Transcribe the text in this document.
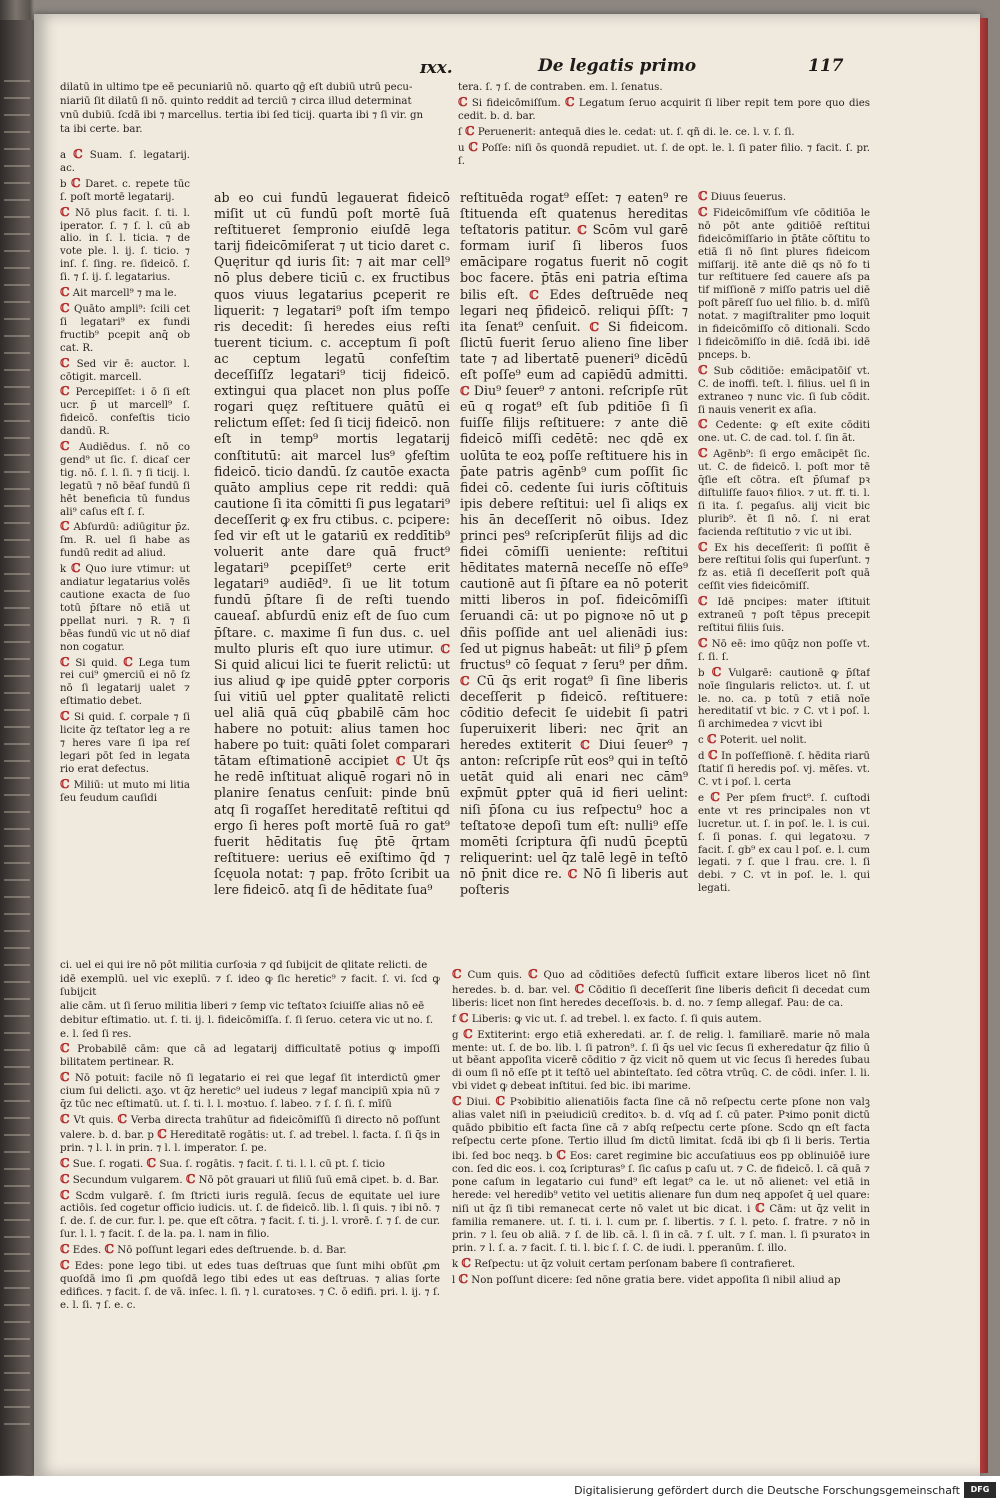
ɪxx.	De legatis primo	117

dilatū in ultimo tpe eē pecuniariū nō. quarto qḡ eſt dubiū utrū pecu-

niariū ſit dilatū ſi nō. quinto reddit ad terciū ⁊ circa illud determinat

vnū dubiū. ſcdā ibi ⁊ marcellus. tertia ibi ſed ticij. quarta ibi ⁊ ſi vir. gn

ta ibi certe. bar.

a ℂ Suam. ſ. legatarij. ac.

b ℂ Daret. c. repete tūc ſ. poſt mortē legatarij.

ℂ Nō plus facit. ſ. ti. l. iperator. ſ. ⁊ ſ. l. cū ab alio. in ſ. l. ticia. ⁊ de vote ple. l. ij. ſ. ticio. ⁊ inſ. ſ. ſing. re. ſideicō. ſ. ſi. ⁊ ſ. ij. ſ. legatarius.

ℂ Ait marcell⁹ ⁊ ma le.

ℂ Quāto ampli⁹: ſcili cet ſi legatari⁹ ex fundi fructib⁹ pcepit anq̄ ob cat. R.

ℂ Sed vir ē: auctor. l. cōtigit. marcell.

ℂ Percepiſſet: i ō ſi eſt ucr. p̄ ut marcell⁹ ſ. fideicō. confeſtis ticio dandū. R.

ℂ Audiēdus. ſ. nō co gend⁹ ut ſic. ſ. dicaſ cer tig. nō. ſ. l. ſi. ⁊ ſi ticij. l. legatū ⁊ nō bēaſ fundū ſi hēt beneficia tū fundus ali⁹ caſus eſt ſ. ſ.

ℂ Abſurdū: adiūgitur p̄z. ſm. R. uel ſi habe as fundū redit ad aliud.

k ℂ Quo iure vtimur: ut andiatur legatarius volēs cautione exacta de ſuo totū p̄ſtare nō etiā ut ꝑpellat nuri. ⁊ R. ⁊ ſi bēas fundū vic ut nō diaf non cogatur.

ℂ Si quid. ℂ Lega tum rei cui⁹ ꝯmerciū ei nō ſz nō ſi legatarij ualet ⁊ eſtimatio debet.

ℂ Si quid. ſ. corpale ⁊ ſi licite q̄z teſtator leg a re ⁊ heres vare ſi ipa reſ legari pōt ſed in legata rio erat defectus.

ℂ Miliū: ut muto mi litia ſeu feudum cauſidi

ab eo cui fundū legauerat fideicō miſit ut cū fundū poſt mortē ſuā reſtitueret ſempronio eiuſdē lega tarij fideicōmiſerat ⁊ ut ticio daret c. Quęritur qd iuris ſit: ⁊ ait mar cell⁹ nō plus debere ticiū c. ex fructibus quos viuus legatarius ꝑceperit re liquerit: ⁊ legatari⁹ poſt iſm tempo ris decedit: ſi heredes eius reſti tuerent ticium. c. acceptum ſi poſt ac ceptum legatū confeſtim deceſſiſſz legatari⁹ ticij fideicō. extingui qua placet non plus poſſe rogari quęz reſtituere quātū ei relictum eſſet: ſed ſi ticij fideicō. non eſt in temp⁹ mortis legatarij conſtitutū: ait marcel lus⁹ ꝯfeſtim fideicō. ticio dandū. ſz cautōe exacta quāto amplius cepe rit reddi: quā cautione ſi ita cōmitti ſi ꝑus legatari⁹ deceſſerit ꝙ ex fru ctibus. c. pcipere: ſed vir eſt ut le gatariū ex reddītib⁹ voluerit ante dare quā fruct⁹ legatari⁹ ꝑcepiſſet⁹ certe erit legatari⁹ audiēd⁹. ſi ue lit totum fundū p̄ſtare ſi de reſti tuendo caueaſ. abſurdū eniz eſt de ſuo cum p̄ſtare. c. maxime ſi fun dus. c. uel multo pluris eſt quo iure utimur. ℂ Si quid alicui lici te fuerit relictū: ut ius aliud ꝙ ipe quidē ꝑpter corporis ſui vitiū uel ꝑpter qualitatē relicti uel aliā quā cūq ꝑbabilē cām hoc habere no potuit: alius tamen hoc habere po tuit: quāti ſolet comparari tātam eſtimationē accipiet ℂ Ut q̄s he redē inſtituat aliquē rogari nō in planire ſenatus cenſuit: pinde bnū atq ſi rogaſſet hereditatē reſtitui qd ergo ſi heres poſt mortē ſuā ro gat⁹ fuerit hēditatis ſuę p̄tē q̄rtam reſtituere: uerius eē exiſtimo q̄d ⁊ ſcęuola notat: ⁊ pap. frōto ſcribit ua lere fideicō. atq ſi de hēditate ſua⁹

tera. ſ. ⁊ ſ. de contraben. em. l. ſenatus.

ℂ Si fideicōmiſſum. ℂ Legatum ſeruo acquirit ſi liber repit tem pore quo dies cedit. b. d. bar.

ſ ℂ Peruenerit: antequā dies le. cedat: ut. ſ. qñ di. le. ce. l. v. ſ. ſi.

u ℂ Poſſe: niſi ōs quondā repudiet. ut. ſ. de opt. le. l. ſi pater filio. ⁊ facit. ſ. pr. ſ.

reſtituēda rogat⁹ eſſet: ⁊ eaten⁹ re ſtituenda eſt quatenus hereditas teſtatoris patitur. ℂ Scōm vul garē formam iuriſ ſi liberos ſuos emācipare rogatus fuerit nō cogit boc facere. p̄tās eni patria eſtima bilis eſt. ℂ Edes deſtruēde neq legari neq p̄fideicō. reliqui p̄ſſt: ⁊ ita ſenat⁹ cenſuit. ℂ Si fideicom. ſlictū fuerit ſeruo alieno ſine liber tate ⁊ ad libertatē pueneri⁹ dicēdū eſt poſſe⁹ eum ad capiēdū admitti. ℂ Diu⁹ ſeuer⁹ ⁊ antoni. reſcripſe rūt eū q rogat⁹ eſt ſub pditiōe ſi ſi fuiſſe filijs reſtituere: ⁊ ante diē fideicō miſſi cedētē: nec qdē ex uolūta te eoꝝ poſſe reſtituere his in p̄ate patris agēnb⁹ cum poſſit ſic fidei cō. cedente ſui iuris cōſtituis ipis debere reſtitui: uel ſi aliqs ex his ān deceſſerit nō oibus. Idez princi pes⁹ reſcripſerūt filijs ad dic fidei cōmiſſi ueniente: reſtitui hēditates maternā neceſſe nō eſſe⁹ cautionē aut ſi p̄ſtare ea nō poterit mitti liberos in poſ. fideicōmiſſi ſeruandi cā: ut po pignoꝛe nō ut ꝑ dñis poſſide ant uel alienādi ius: ſed ut pignus habeāt: ut fili⁹ p̄ ꝑſem fructus⁹ cō ſequat ⁊ ſeru⁹ per dñm. ℂ Cū q̄s erit rogat⁹ ſi ſine liberis deceſſerit p fideicō. reſtituere: cōditio defecit ſe uidebit ſi patri ſuperuixerit liberi: nec q̄rit an heredes extiterit ℂ Diui ſeuer⁹ ⁊ anton: reſcripſe rūt eos⁹ qui in teſtō uetāt quid ali enari nec cām⁹ exp̄mūt ꝑpter quā id fieri uelint: niſi p̄ſona cu ius reſpectu⁹ hoc a teſtatoꝛe depoſi tum eſt: nulli⁹ eſſe momēti ſcriptura q̄ſi nudū p̄ceptū reliquerint: uel q̄z talē legē in teſtō nō p̄nit dice re. ℂ Nō ſi liberis aut poſteris

ℂ Diuus ſeuerus.

ℂ Fideicōmiſſum vſe cōditiōa le nō pōt ante ꝯditiōē reſtitui fideicōmiſſario in p̄tāte cōſtitu to etiā ſi nō ſint plures fideicom miſſarij. itē ante diē qs nō fo ti tur reſtituere ſed cauere aſs pa tif miſſionē ⁊ miſſo patris uel diē poſt pāreſſ ſuo uel filio. b. d. mīſū notat. ⁊ magiſtraliter pmo loquit in fideicōmiſſo cō ditionali. Scdo l fideicōmiſſo in diē. ſcdā ibi. idē pnceps. b.

ℂ Sub cōditiōe: emācipatōiſ vt. C. de inoffi. teſt. l. filius. uel ſi in extraneo ⁊ nunc vic. ſi ſub cōdit. ſi nauis venerit ex aſia.

ℂ Cedente: ꝙ eſt exite cōditi one. ut. C. de cad. tol. ſ. ſin ãt.

ℂ Agēnb⁹: ſi ergo emācipēt ſic. ut. C. de fideicō. l. poſt mor tē q̄ſie eſt cōtra. eſt p̄ſumaf pꝛ diſtuliſſe fauoꝛ filioꝛ. ⁊ ut. ff. ti. l. ſi ita. ſ. pegaſus. alij vicit bic plurib⁹. ēt ſi nō. ſ. ni erat facienda reſtitutio ⁊ vic ut ibi.

ℂ Ex his deceſſerit: ſi poſſit ē bere reſtitui ſolis qui ſuperſunt. ⁊ fz as. etiā ſi deceſſerit poſt quā ceſſit vies fideicōmiſſ.

ℂ Idē pncipes: mater iſtituit extraneū ⁊ poſt tēpus precepit reſtitui filiis ſuis.

ℂ Nō eē: imo qūq̄z non poſſe vt. ſ. ſi. ſ.

b ℂ Vulgarē: cautionē ꝙ p̄ſtaf noīe ſingularis relictoꝛ. ut. ſ. ut le. no. ca. p totū ⁊ etiā noīe hereditatiſ vt bic. ⁊ C. vt i poſ. l. ſi archimedea ⁊ vicvt ibi

c ℂ Poterit. uel nolit.

d ℂ In poſſeſſionē. ſ. hēdita riarū ſtatiſ ſi heredis poſ. vj. mēſes. vt. C. vt i poſ. l. certa

e ℂ Per pſem fruct⁹. ſ. cuſtodi ente vt res principales non vt lucretur. ut. ſ. in poſ. le. l. is cui. ſ. ſi ponas. ſ. qui legatoꝛu. ⁊ facit. ſ. gb⁹ ex cau l poſ. e. l. cum legati. ⁊ ſ. que l frau. cre. l. ſi debi. ⁊ C. vt in poſ. le. l. qui legati.

ci. uel ei qui ire nō pōt militia curſoꝛia ⁊ qd ſubijcit de qlitate relicti. de

idē exemplū. uel vic exeplū. ⁊ ſ. ideo ꝙ ſic heretic⁹ ⁊ facit. ſ. vi. ſcd ꝙ ſubijcit

alie cām. ut ſi ſeruo militia liberi ⁊ ſemp vic teſtatoꝛ ſciuiſſe alias nō eē

debitur eſtimatio. ut. ſ. ti. ij. l. fideicōmiſſa. ſ. ſi ſeruo. cetera vic ut no. ſ.

e. l. ſed ſi res.

ℂ Probabilē cām: que cā ad legatarij difficultatē potius ꝙ impoſſi bilitatem pertinear. R.

ℂ Nō potuit: facile nō ſi legatario ei rei que legaf ſit interdictū ꝯmer cium ſui delicti. aʒo. vt q̄z heretic⁹ uel iudeus ⁊ legaf mancipiū xpia nū ⁊ q̄z tūc nec eſtimatū. ut. ſ. ti. l. l. moꝛtuo. ſ. labeo. ⁊ ſ. ſ. ſi. ſ. mīſū

ℂ Vt quis. ℂ Verba directa trahūtur ad fideicōmiſſū ſi directo nō poſſunt valere. b. d. bar. p ℂ Hereditatē rogātis: ut. ſ. ad trebel. l. facta. ſ. ſi q̄s in prin. ⁊ l. l. in prin. ⁊ l. l. imperator. ſ. pe.

ℂ Sue. ſ. rogati. ℂ Sua. ſ. rogātis. ⁊ facit. ſ. ti. l. l. cū pt. ſ. ticio

ℂ Secundum vulgarem. ℂ Nō pōt grauari ut filiū ſuū emā cipet. b. d. Bar.

ℂ Scdm vulgarē. ſ. ſm ſtricti iuris regulā. ſecus de equitate uel iure actiōis. ſed cogetur officio iudicis. ut. ſ. de fideicō. lib. l. ſi quis. ⁊ ibi nō. ⁊ ſ. de. ſ. de cur. fur. l. pe. que eſt cōtra. ⁊ facit. ſ. ti. j. l. vrorē. ſ. ⁊ ſ. de cur. ſur. l. l. ⁊ facit. ſ. de la. pa. l. nam in filio.

ℂ Edes. ℂ Nō poſſunt legari edes deſtruende. b. d. Bar.

ℂ Edes: pone lego tibi. ut edes tuas deſtruas que ſunt mihi obſūt ꝓm quoſdā imo ſi ꝓm quoſdā lego tibi edes ut eas deſtruas. ⁊ alias ſorte edifices. ⁊ facit. ſ. de vā. inſec. l. ſi. ⁊ l. curatoꝛes. ⁊ C. ō edifi. pri. l. ij. ⁊ ſ. e. l. ſi. ⁊ ſ. e. c.

ℂ Cum quis. ℂ Quo ad cōditiōes defectū ſufficit extare liberos licet nō ſint heredes. b. d. bar. vel. ℂ Cōditio ſi deceſſerit ſine liberis deficit ſi decedat cum liberis: licet non ſint heredes deceſſoꝛis. b. d. no. ⁊ ſemp allegaf. Pau: de ca.

f ℂ Liberis: ꝙ vic ut. ſ. ad trebel. l. ex facto. ſ. ſi quis autem.

g ℂ Extiterint: ergo etiā exheredati. ar. ſ. de relig. l. familiarē. marie nō mala mente: ut. ſ. de bo. lib. l. ſi patron⁹. ſ. ſi q̄s uel vic ſecus ſi exheredatur q̄z filio ū ut bēant appoſita vicerē cōditio ⁊ q̄z vicit nō quem ut vic ſecus ſi heredes ſubau di oum ſi nō eſſe pt it teſtō uel abinteſtato. ſed cōtra vtrūq. C. de cōdi. inſer. l. li. vbi videt ꝙ debeat inſtitui. ſed bic. ibi marime.

ℂ Diui. ℂ Pꝛobibitio alienatiōis facta ſine cā nō reſpectu certe pſone non valꝫ alias valet niſi in pꝛeiudiciū creditoꝛ. b. d. vſq ad ſ. cū pater. Pꝛimo ponit dictū quādo pbibitio eſt facta ſine cā ⁊ abſq reſpectu certe pſone. Scdo qn eſt facta reſpectu certe pſone. Tertio illud ſm dictū limitat. ſcdā ibi qb ſi li beris. Tertia ibi. ſed boc neqꝫ. b ℂ Eos: caret regimine bic accuſatiuus eos pp oblinuiōē iure con. ſed dic eos. i. coꝝ ſcripturas⁹ ſ. ſic caſus p caſu ut. ⁊ C. de fideicō. l. cā quā ⁊ pone caſum in legatario cui fund⁹ eſt legat⁹ ca le. ut nō alienet: vel etiā in herede: vel heredib⁹ vetito vel uetitis alienare fun dum neq appoſet q̄ uel quare: niſi ut q̄z ſi tibi remanecat certe nō valet ut bic dicat. i ℂ Cām: ut q̄z velit in familia remanere. ut. ſ. ti. i. l. cum pr. ſ. libertis. ⁊ ſ. l. peto. ſ. fratre. ⁊ nō in prin. ⁊ l. ſeu ob aliā. ⁊ ſ. de lib. cā. l. ſi in cā. ⁊ ſ. ult. ⁊ ſ. man. l. ſi pꝛuratoꝛ in prin. ⁊ l. ſ. a. ⁊ facit. ſ. ti. l. bic ſ. ſ. C. de iudi. l. pperanūm. ſ. illo.

k ℂ Reſpectu: ut q̄z voluit certam perſonam babere ſi contrafieret.

l ℂ Non poſſunt dicere: ſed nōne gratia bere. videt appoſita ſi nibil aliud ap

Digitalisierung gefördert durch die Deutsche Forschungsgemeinschaft	DFG
